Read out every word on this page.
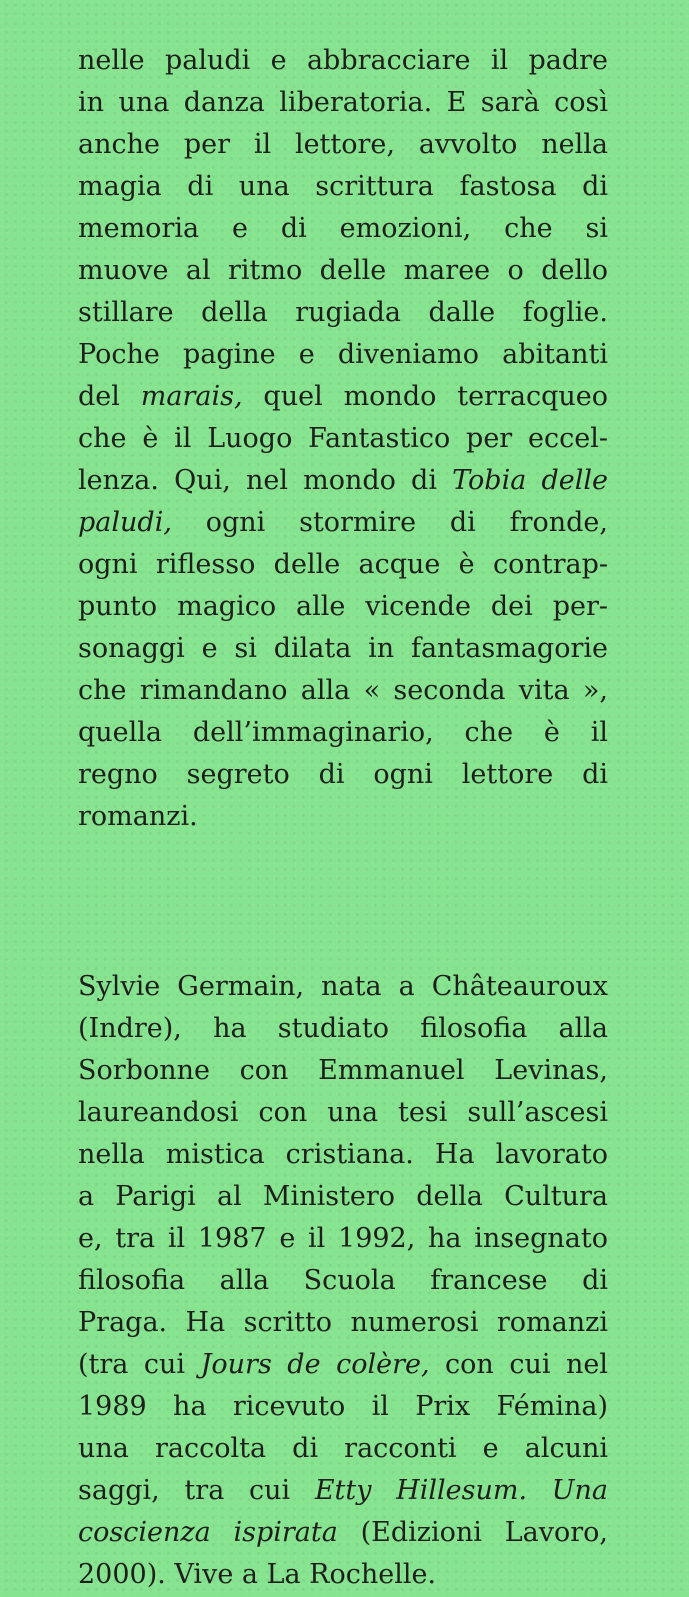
nelle paludi e abbracciare il padre
in una danza liberatoria. E sarà così
anche per il lettore, avvolto nella
magia di una scrittura fastosa di
memoria e di emozioni, che si
muove al ritmo delle maree o dello
stillare della rugiada dalle foglie.
Poche pagine e diveniamo abitanti
del marais, quel mondo terracqueo
che è il Luogo Fantastico per eccel-
lenza. Qui, nel mondo di Tobia delle
paludi, ogni stormire di fronde,
ogni riflesso delle acque è contrap-
punto magico alle vicende dei per-
sonaggi e si dilata in fantasmagorie
che rimandano alla « seconda vita »,
quella dell’immaginario, che è il
regno segreto di ogni lettore di
romanzi.
Sylvie Germain, nata a Châteauroux
(Indre), ha studiato filosofia alla
Sorbonne con Emmanuel Levinas,
laureandosi con una tesi sull’ascesi
nella mistica cristiana. Ha lavorato
a Parigi al Ministero della Cultura
e, tra il 1987 e il 1992, ha insegnato
filosofia alla Scuola francese di
Praga. Ha scritto numerosi romanzi
(tra cui Jours de colère, con cui nel
1989 ha ricevuto il Prix Fémina)
una raccolta di racconti e alcuni
saggi, tra cui Etty Hillesum. Una
coscienza ispirata (Edizioni Lavoro,
2000). Vive a La Rochelle.
